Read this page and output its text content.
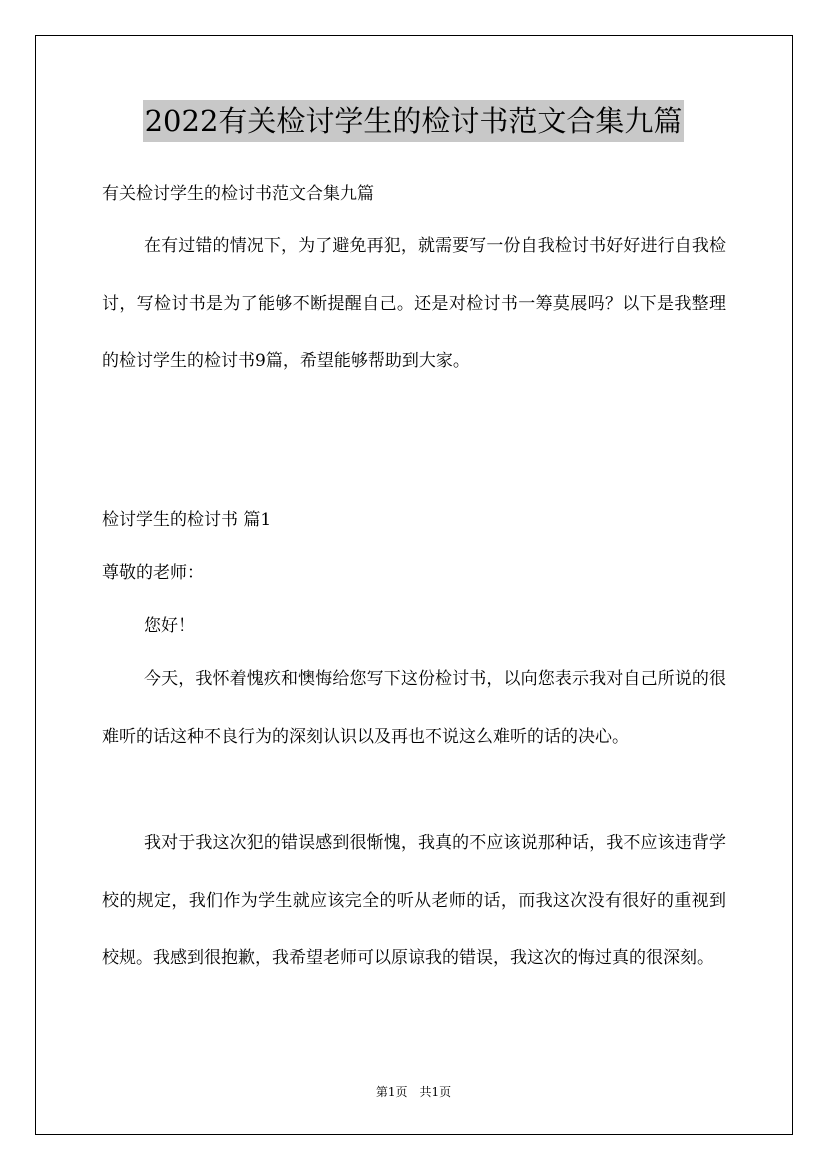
2022有关检讨学生的检讨书范文合集九篇
有关检讨学生的检讨书范文合集九篇

在有过错的情况下，为了避免再犯，就需要写一份自我检讨书好好进行自我检讨，写检讨书是为了能够不断提醒自己。还是对检讨书一筹莫展吗？以下是我整理的检讨学生的检讨书9篇，希望能够帮助到大家。

检讨学生的检讨书 篇1
尊敬的老师：
您好！

今天，我怀着愧疚和懊悔给您写下这份检讨书，以向您表示我对自己所说的很难听的话这种不良行为的深刻认识以及再也不说这么难听的话的决心。

我对于我这次犯的错误感到很惭愧，我真的不应该说那种话，我不应该违背学校的规定，我们作为学生就应该完全的听从老师的话，而我这次没有很好的重视到校规。我感到很抱歉，我希望老师可以原谅我的错误，我这次的悔过真的很深刻。

第1页　共1页
